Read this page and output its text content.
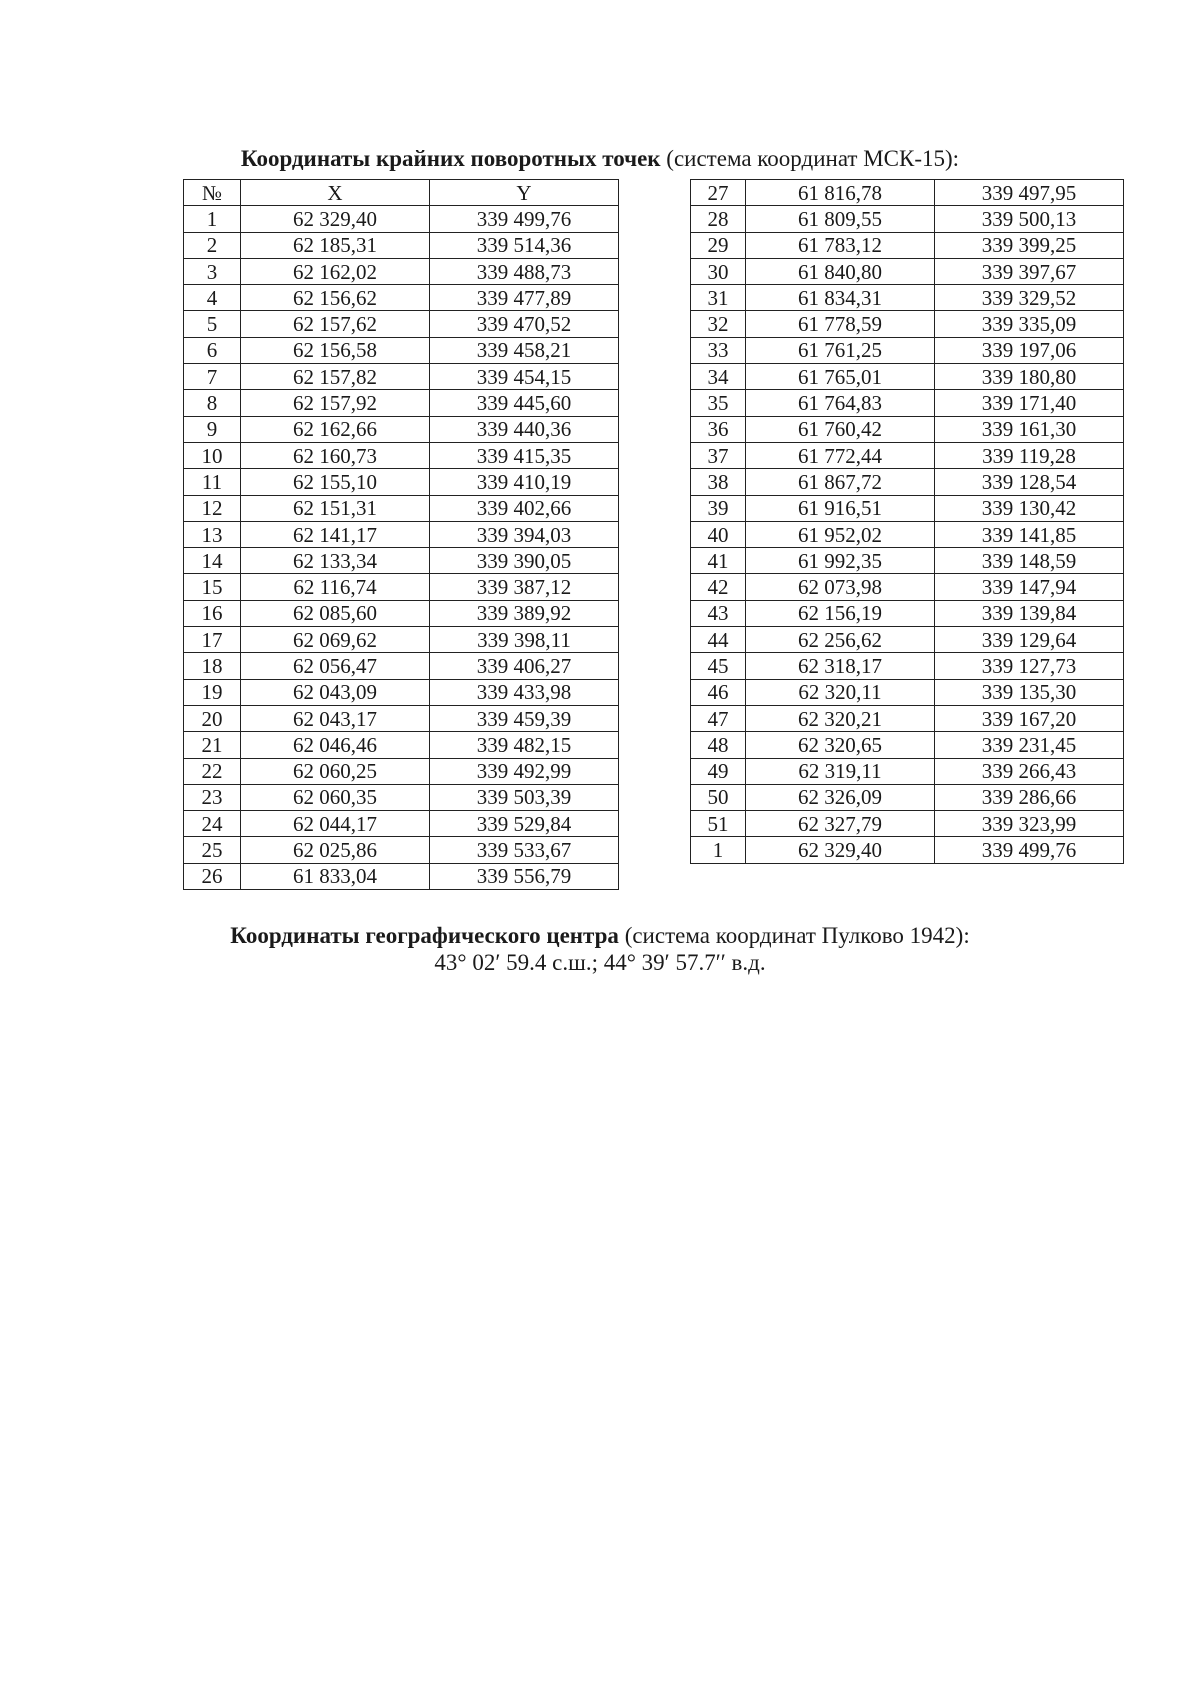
Координаты крайних поворотных точек (система координат МСК-15):
№	X	Y
1	62 329,40	339 499,76
2	62 185,31	339 514,36
3	62 162,02	339 488,73
4	62 156,62	339 477,89
5	62 157,62	339 470,52
6	62 156,58	339 458,21
7	62 157,82	339 454,15
8	62 157,92	339 445,60
9	62 162,66	339 440,36
10	62 160,73	339 415,35
11	62 155,10	339 410,19
12	62 151,31	339 402,66
13	62 141,17	339 394,03
14	62 133,34	339 390,05
15	62 116,74	339 387,12
16	62 085,60	339 389,92
17	62 069,62	339 398,11
18	62 056,47	339 406,27
19	62 043,09	339 433,98
20	62 043,17	339 459,39
21	62 046,46	339 482,15
22	62 060,25	339 492,99
23	62 060,35	339 503,39
24	62 044,17	339 529,84
25	62 025,86	339 533,67
26	61 833,04	339 556,79
27	61 816,78	339 497,95
28	61 809,55	339 500,13
29	61 783,12	339 399,25
30	61 840,80	339 397,67
31	61 834,31	339 329,52
32	61 778,59	339 335,09
33	61 761,25	339 197,06
34	61 765,01	339 180,80
35	61 764,83	339 171,40
36	61 760,42	339 161,30
37	61 772,44	339 119,28
38	61 867,72	339 128,54
39	61 916,51	339 130,42
40	61 952,02	339 141,85
41	61 992,35	339 148,59
42	62 073,98	339 147,94
43	62 156,19	339 139,84
44	62 256,62	339 129,64
45	62 318,17	339 127,73
46	62 320,11	339 135,30
47	62 320,21	339 167,20
48	62 320,65	339 231,45
49	62 319,11	339 266,43
50	62 326,09	339 286,66
51	62 327,79	339 323,99
1	62 329,40	339 499,76
Координаты географического центра (система координат Пулково 1942):
43° 02′ 59.4 с.ш.; 44° 39′ 57.7′′ в.д.
